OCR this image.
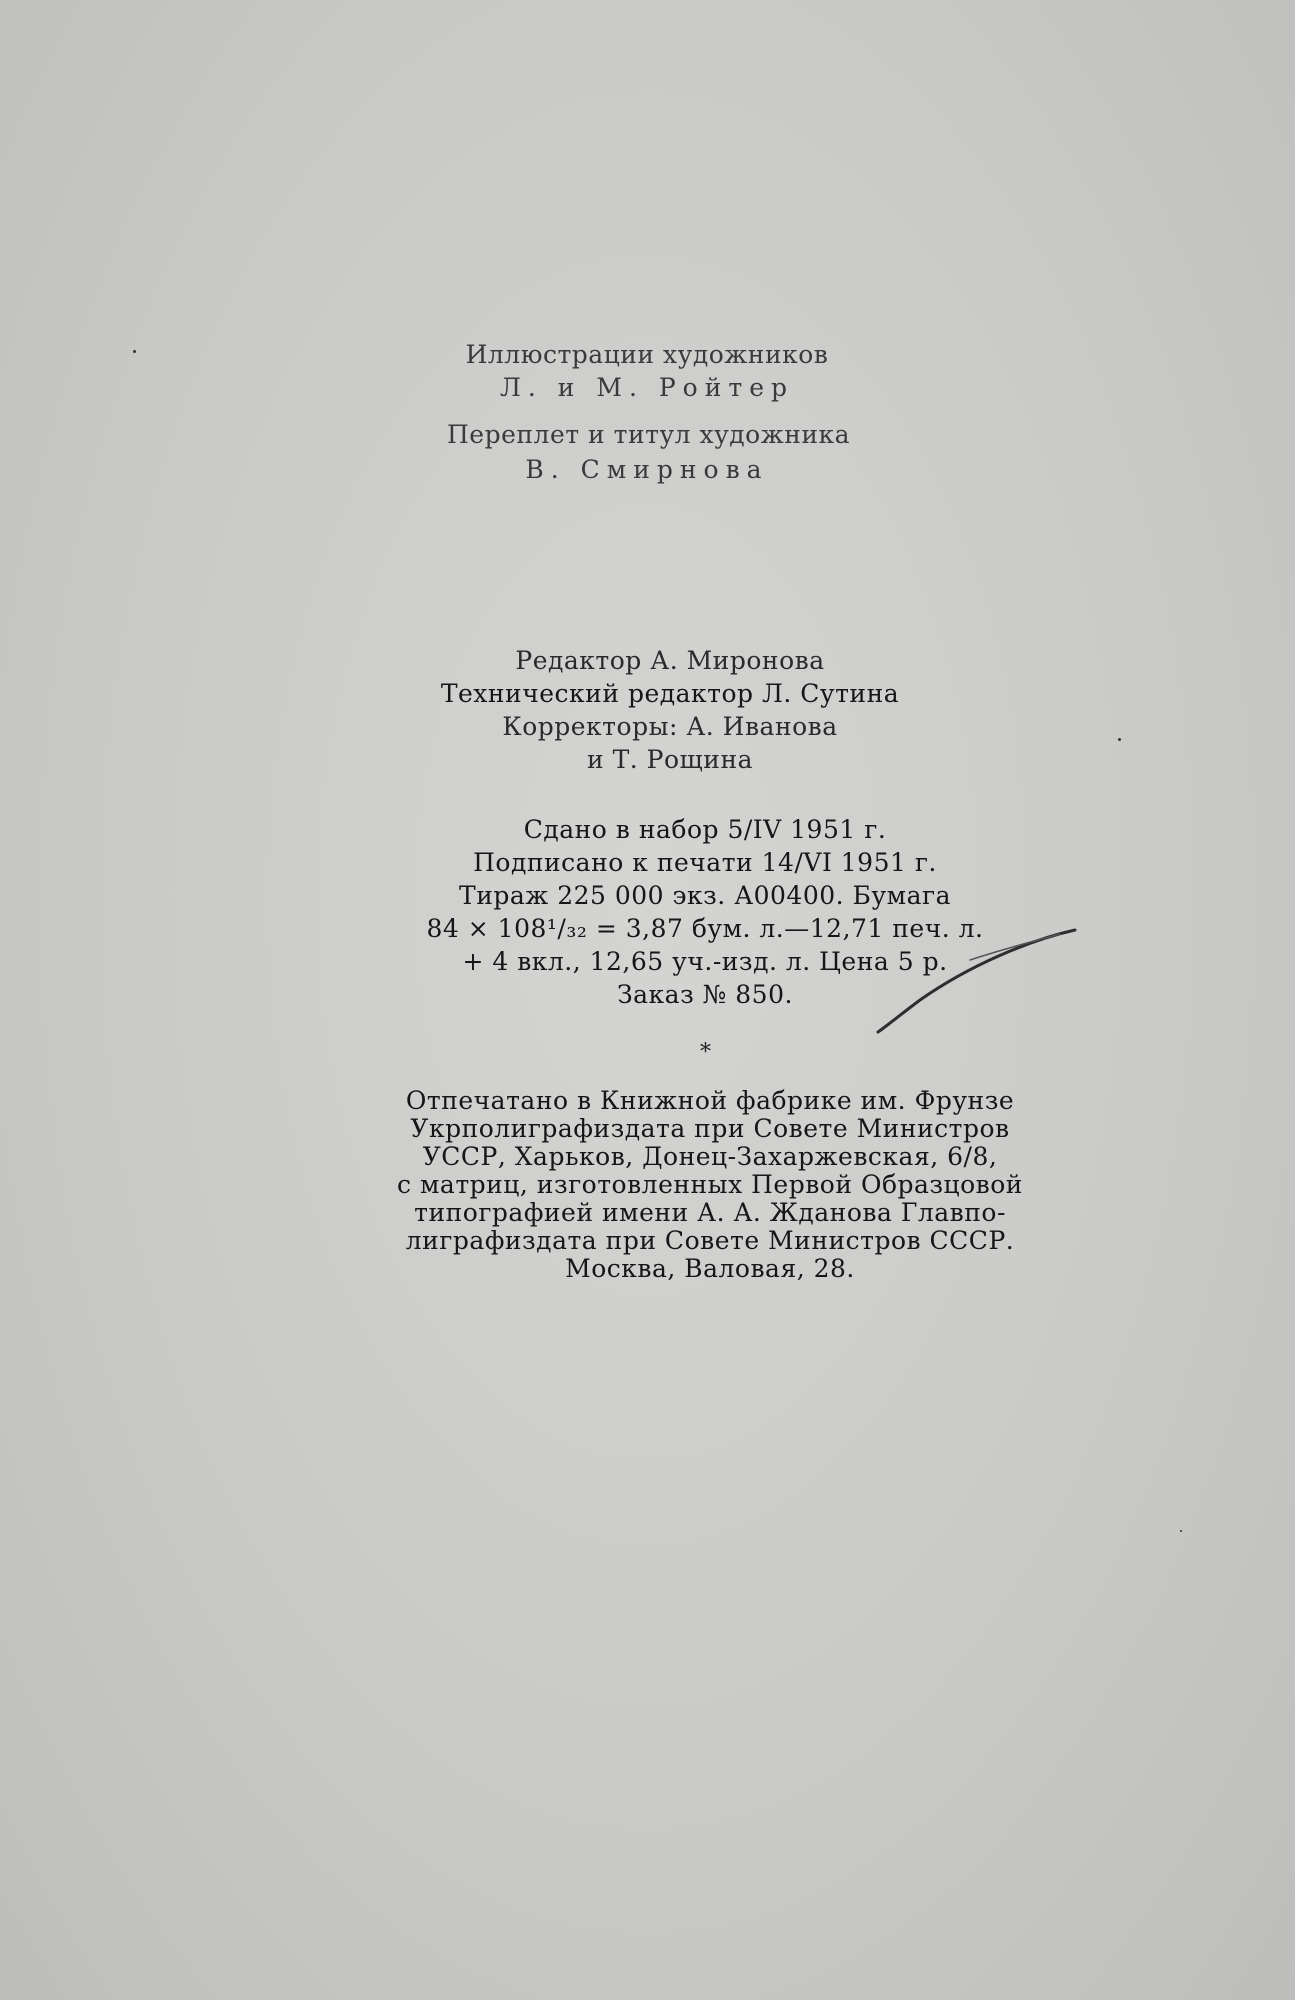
Иллюстрации художников
Л. и М. Ройтер
Переплет и титул художника
В. Смирнова
Редактор А. Миронова
Технический редактор Л. Сутина
Корректоры: А. Иванова
и Т. Рощина
Сдано в набор 5/IV 1951 г.
Подписано к печати 14/VI 1951 г.
Тираж 225 000 экз. А00400. Бумага
84 × 108¹/₃₂ = 3,87 бум. л.—12,71 печ. л.
+ 4 вкл., 12,65 уч.-изд. л. Цена 5 р.
Заказ № 850.
*
Отпечатано в Книжной фабрике им. Фрунзе
Укрполиграфиздата при Совете Министров
УССР, Харьков, Донец-Захаржевская, 6/8,
с матриц, изготовленных Первой Образцовой
типографией имени А. А. Жданова Главпо-
лиграфиздата при Совете Министров СССР.
Москва, Валовая, 28.
